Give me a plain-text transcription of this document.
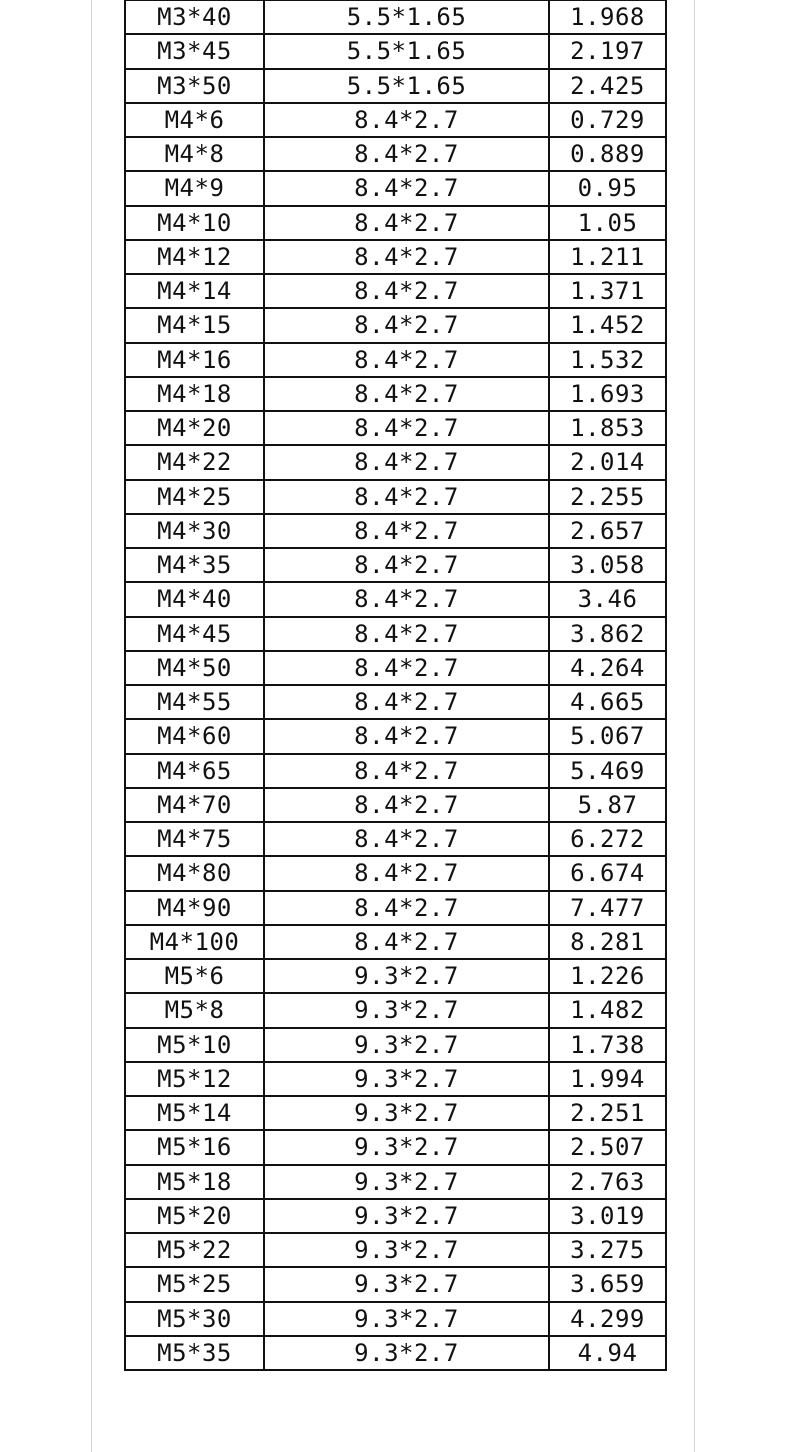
M3*40	5.5*1.65	1.968
M3*45	5.5*1.65	2.197
M3*50	5.5*1.65	2.425
M4*6	8.4*2.7	0.729
M4*8	8.4*2.7	0.889
M4*9	8.4*2.7	0.95
M4*10	8.4*2.7	1.05
M4*12	8.4*2.7	1.211
M4*14	8.4*2.7	1.371
M4*15	8.4*2.7	1.452
M4*16	8.4*2.7	1.532
M4*18	8.4*2.7	1.693
M4*20	8.4*2.7	1.853
M4*22	8.4*2.7	2.014
M4*25	8.4*2.7	2.255
M4*30	8.4*2.7	2.657
M4*35	8.4*2.7	3.058
M4*40	8.4*2.7	3.46
M4*45	8.4*2.7	3.862
M4*50	8.4*2.7	4.264
M4*55	8.4*2.7	4.665
M4*60	8.4*2.7	5.067
M4*65	8.4*2.7	5.469
M4*70	8.4*2.7	5.87
M4*75	8.4*2.7	6.272
M4*80	8.4*2.7	6.674
M4*90	8.4*2.7	7.477
M4*100	8.4*2.7	8.281
M5*6	9.3*2.7	1.226
M5*8	9.3*2.7	1.482
M5*10	9.3*2.7	1.738
M5*12	9.3*2.7	1.994
M5*14	9.3*2.7	2.251
M5*16	9.3*2.7	2.507
M5*18	9.3*2.7	2.763
M5*20	9.3*2.7	3.019
M5*22	9.3*2.7	3.275
M5*25	9.3*2.7	3.659
M5*30	9.3*2.7	4.299
M5*35	9.3*2.7	4.94
